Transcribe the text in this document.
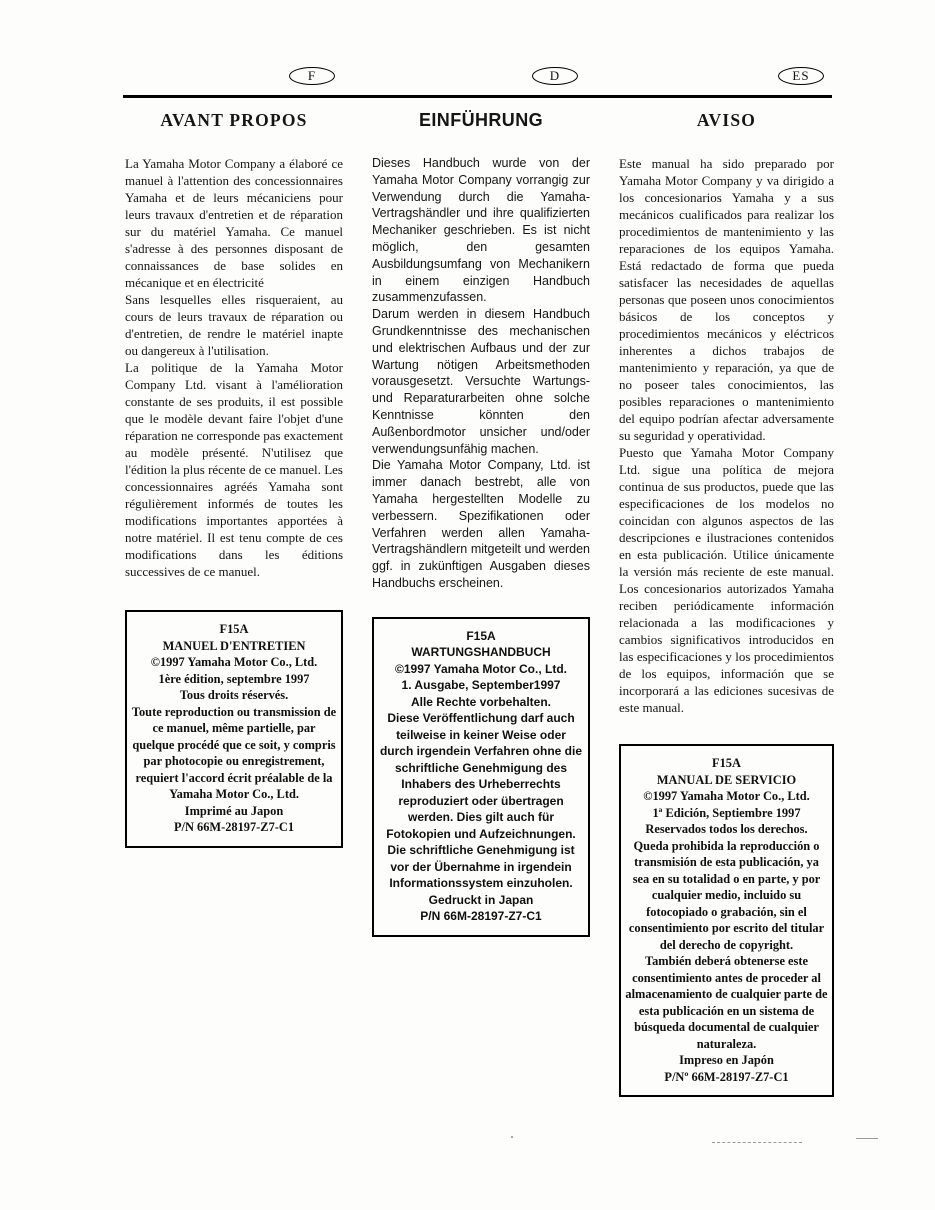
F	D	ES
AVANT PROPOS

La Yamaha Motor Company a élaboré ce manuel à l'attention des concessionnaires Yamaha et de leurs mécaniciens pour leurs travaux d'entretien et de réparation sur du matériel Yamaha. Ce manuel s'adresse à des personnes disposant de connaissances de base solides en mécanique et en électricité

Sans lesquelles elles risqueraient, au cours de leurs travaux de réparation ou d'entretien, de rendre le matériel inapte ou dangereux à l'utilisation.

La politique de la Yamaha Motor Company Ltd. visant à l'amélioration constante de ses produits, il est possible que le modèle devant faire l'objet d'une réparation ne corresponde pas exactement au modèle présenté. N'utilisez que l'édition la plus récente de ce manuel. Les concessionnaires agréés Yamaha sont régulièrement informés de toutes les modifications importantes apportées à notre matériel. Il est tenu compte de ces modifications dans les éditions successives de ce manuel.

F15A
MANUEL D'ENTRETIEN
©1997 Yamaha Motor Co., Ltd.
1ère édition, septembre 1997
Tous droits réservés.
Toute reproduction ou transmission de ce manuel, même partielle, par quelque procédé que ce soit, y compris par photocopie ou enregistrement, requiert l'accord écrit préalable de la Yamaha Motor Co., Ltd.
Imprimé au Japon
P/N 66M-28197-Z7-C1
EINFÜHRUNG

Dieses Handbuch wurde von der Yamaha Motor Company vorrangig zur Verwendung durch die Yamaha-Vertragshändler und ihre qualifizierten Mechaniker geschrieben. Es ist nicht möglich, den gesamten Ausbildungsumfang von Mechanikern in einem einzigen Handbuch zusammenzufassen.

Darum werden in diesem Handbuch Grundkenntnisse des mechanischen und elektrischen Aufbaus und der zur Wartung nötigen Arbeitsmethoden vorausgesetzt. Versuchte Wartungs- und Reparaturarbeiten ohne solche Kenntnisse könnten den Außenbordmotor unsicher und/oder verwendungsunfähig machen.

Die Yamaha Motor Company, Ltd. ist immer danach bestrebt, alle von Yamaha hergestellten Modelle zu verbessern. Spezifikationen oder Verfahren werden allen Yamaha-Vertragshändlern mitgeteilt und werden ggf. in zukünftigen Ausgaben dieses Handbuchs erscheinen.

F15A
WARTUNGSHANDBUCH
©1997 Yamaha Motor Co., Ltd.
1. Ausgabe, September1997
Alle Rechte vorbehalten.
Diese Veröffentlichung darf auch teilweise in keiner Weise oder durch irgendein Verfahren ohne die schriftliche Genehmigung des Inhabers des Urheberrechts reproduziert oder übertragen werden. Dies gilt auch für Fotokopien und Aufzeichnungen. Die schriftliche Genehmigung ist vor der Übernahme in irgendein Informationssystem einzuholen.
Gedruckt in Japan
P/N 66M-28197-Z7-C1
AVISO

Este manual ha sido preparado por Yamaha Motor Company y va dirigido a los concesionarios Yamaha y a sus mecánicos cualificados para realizar los procedimientos de mantenimiento y las reparaciones de los equipos Yamaha. Está redactado de forma que pueda satisfacer las necesidades de aquellas personas que poseen unos conocimientos básicos de los conceptos y procedimientos mecánicos y eléctricos inherentes a dichos trabajos de mantenimiento y reparación, ya que de no poseer tales conocimientos, las posibles reparaciones o mantenimiento del equipo podrían afectar adversamente su seguridad y operatividad.

Puesto que Yamaha Motor Company Ltd. sigue una política de mejora continua de sus productos, puede que las especificaciones de los modelos no coincidan con algunos aspectos de las descripciones e ilustraciones contenidos en esta publicación. Utilice únicamente la versión más reciente de este manual. Los concesionarios autorizados Yamaha reciben periódicamente información relacionada a las modificaciones y cambios significativos introducidos en las especificaciones y los procedimientos de los equipos, información que se incorporará a las ediciones sucesivas de este manual.

F15A
MANUAL DE SERVICIO
©1997 Yamaha Motor Co., Ltd.
1ª Edición, Septiembre 1997
Reservados todos los derechos.
Queda prohibida la reproducción o transmisión de esta publicación, ya sea en su totalidad o en parte, y por cualquier medio, incluido su fotocopiado o grabación, sin el consentimiento por escrito del titular del derecho de copyright.
También deberá obtenerse este consentimiento antes de proceder al almacenamiento de cualquier parte de esta publicación en un sistema de búsqueda documental de cualquier naturaleza.
Impreso en Japón
P/Nº 66M-28197-Z7-C1
